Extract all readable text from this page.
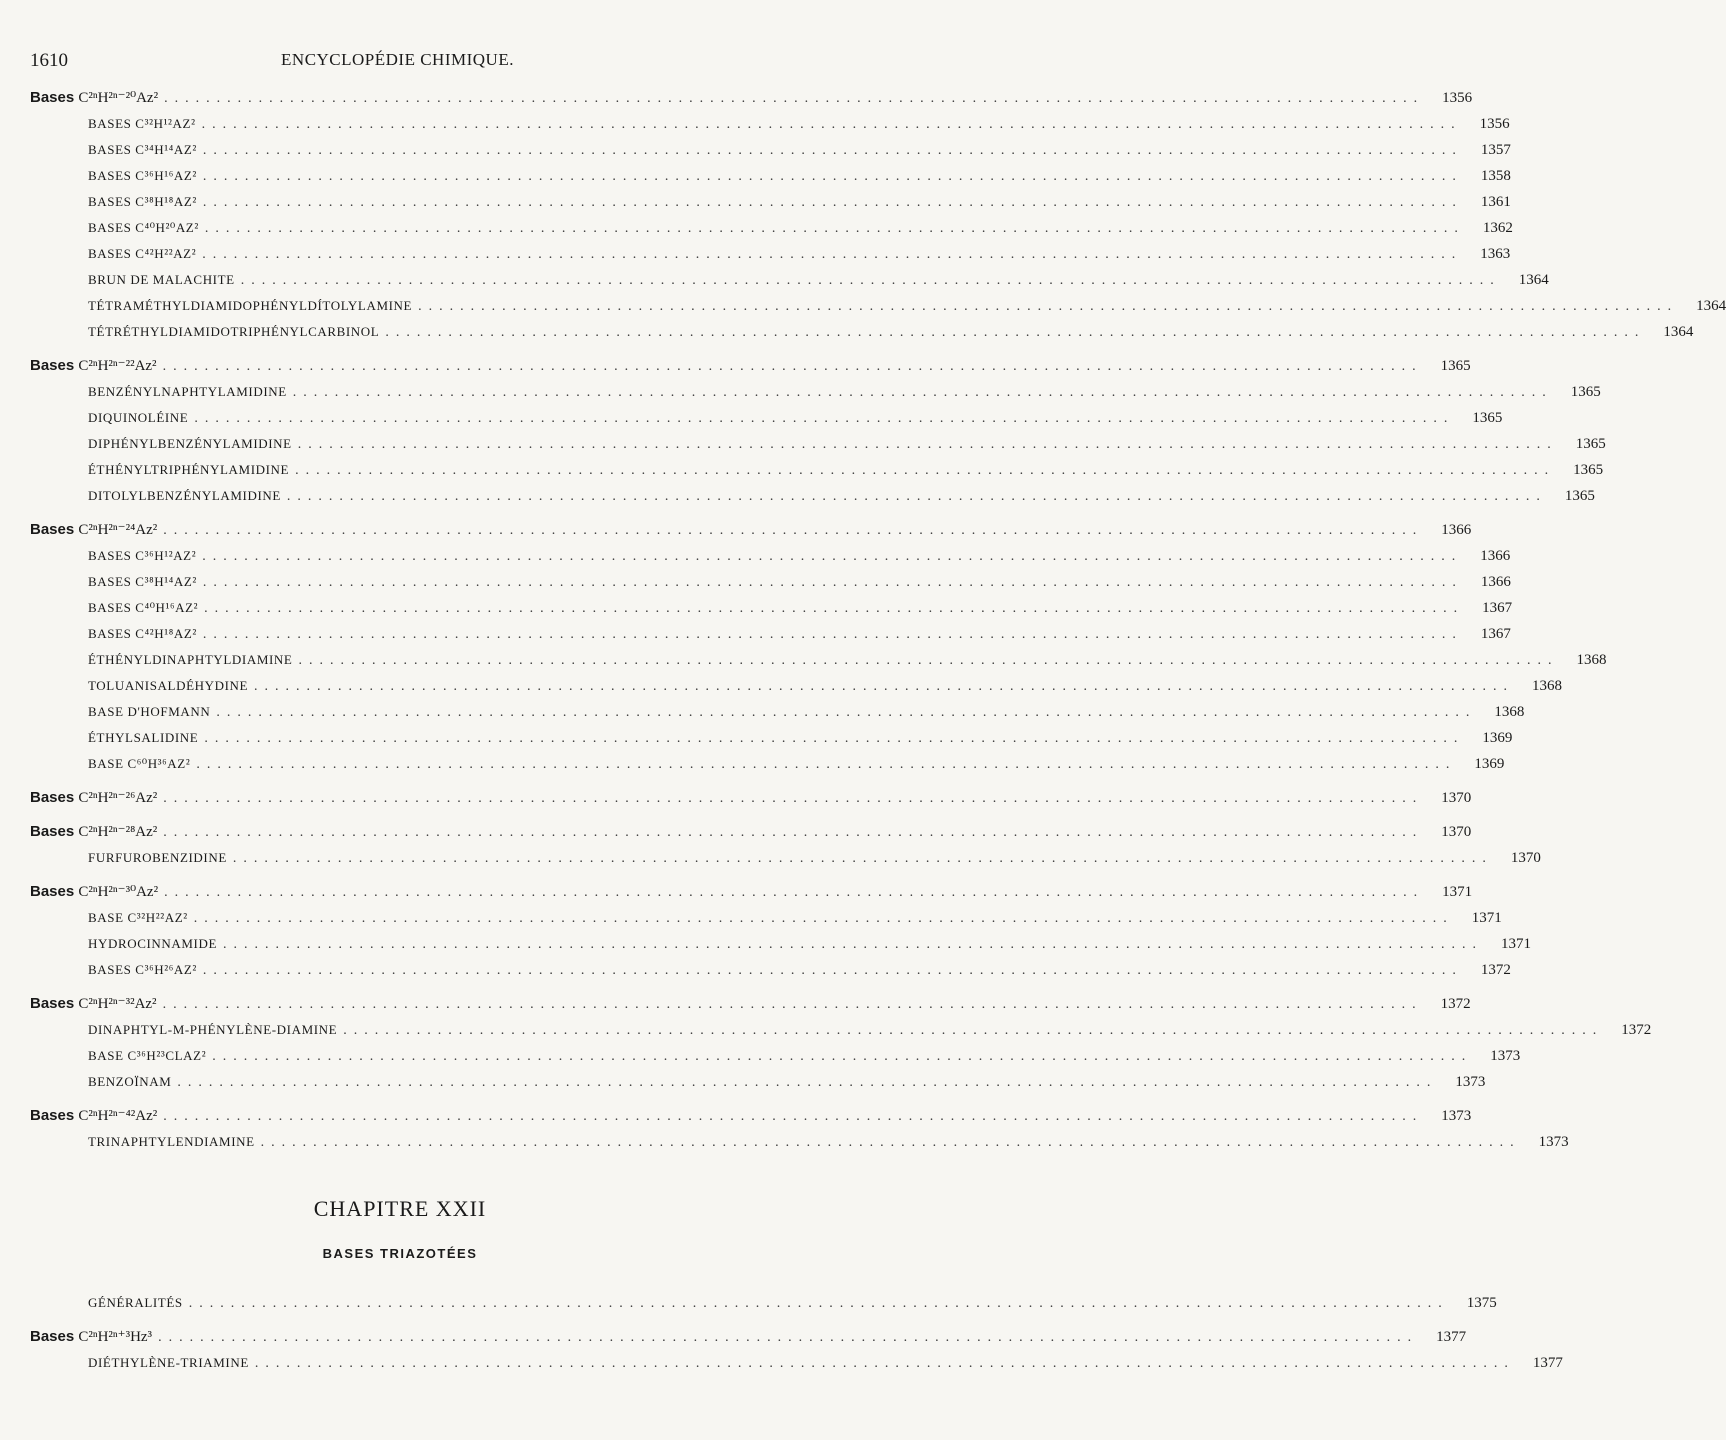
1610	ENCYCLOPÉDIE CHIMIQUE.
Bases C²ⁿH²ⁿ⁻²⁰Az² ........................................................................................................................	1356
BASES C³²H¹²AZ² ........................................................................................................................	1356
BASES C³⁴H¹⁴AZ² ........................................................................................................................	1357
BASES C³⁶H¹⁶AZ² ........................................................................................................................	1358
BASES C³⁸H¹⁸AZ² ........................................................................................................................	1361
BASES C⁴⁰H²⁰AZ² ........................................................................................................................	1362
BASES C⁴²H²²AZ² ........................................................................................................................	1363
BRUN DE MALACHITE ........................................................................................................................	1364
TÉTRAMÉTHYLDIAMIDOPHÉNYLDÍTOLYLAMINE ........................................................................................................................	1364
TÉTRÉTHYLDIAMIDOTRIPHÉNYLCARBINOL ........................................................................................................................	1364
Bases C²ⁿH²ⁿ⁻²²Az² ........................................................................................................................	1365
BENZÉNYLNAPHTYLAMIDINE ........................................................................................................................	1365
DIQUINOLÉINE ........................................................................................................................	1365
DIPHÉNYLBENZÉNYLAMIDINE ........................................................................................................................	1365
ÉTHÉNYLTRIPHÉNYLAMIDINE ........................................................................................................................	1365
DITOLYLBENZÉNYLAMIDINE ........................................................................................................................	1365
Bases C²ⁿH²ⁿ⁻²⁴Az² ........................................................................................................................	1366
BASES C³⁶H¹²AZ² ........................................................................................................................	1366
BASES C³⁸H¹⁴AZ² ........................................................................................................................	1366
BASES C⁴⁰H¹⁶AZ² ........................................................................................................................	1367
BASES C⁴²H¹⁸AZ² ........................................................................................................................	1367
ÉTHÉNYLDINAPHTYLDIAMINE ........................................................................................................................	1368
TOLUANISALDÉHYDINE ........................................................................................................................	1368
BASE D'HOFMANN ........................................................................................................................	1368
ÉTHYLSALIDINE ........................................................................................................................	1369
BASE C⁶⁰H³⁶AZ² ........................................................................................................................	1369
Bases C²ⁿH²ⁿ⁻²⁶Az² ........................................................................................................................	1370
Bases C²ⁿH²ⁿ⁻²⁸Az² ........................................................................................................................	1370
FURFUROBENZIDINE ........................................................................................................................	1370
Bases C²ⁿH²ⁿ⁻³⁰Az² ........................................................................................................................	1371
BASE C³²H²²AZ² ........................................................................................................................	1371
HYDROCINNAMIDE ........................................................................................................................	1371
BASES C³⁶H²⁶AZ² ........................................................................................................................	1372
Bases C²ⁿH²ⁿ⁻³²Az² ........................................................................................................................	1372
DINAPHTYL-M-PHÉNYLÈNE-DIAMINE ........................................................................................................................	1372
BASE C³⁶H²³CLAZ² ........................................................................................................................	1373
BENZOÏNAM ........................................................................................................................	1373
Bases C²ⁿH²ⁿ⁻⁴²Az² ........................................................................................................................	1373
TRINAPHTYLENDIAMINE ........................................................................................................................	1373
CHAPITRE XXII
BASES TRIAZOTÉES
GÉNÉRALITÉS ........................................................................................................................	1375
Bases C²ⁿH²ⁿ⁺³Hz³ ........................................................................................................................	1377
DIÉTHYLÈNE-TRIAMINE ........................................................................................................................	1377
